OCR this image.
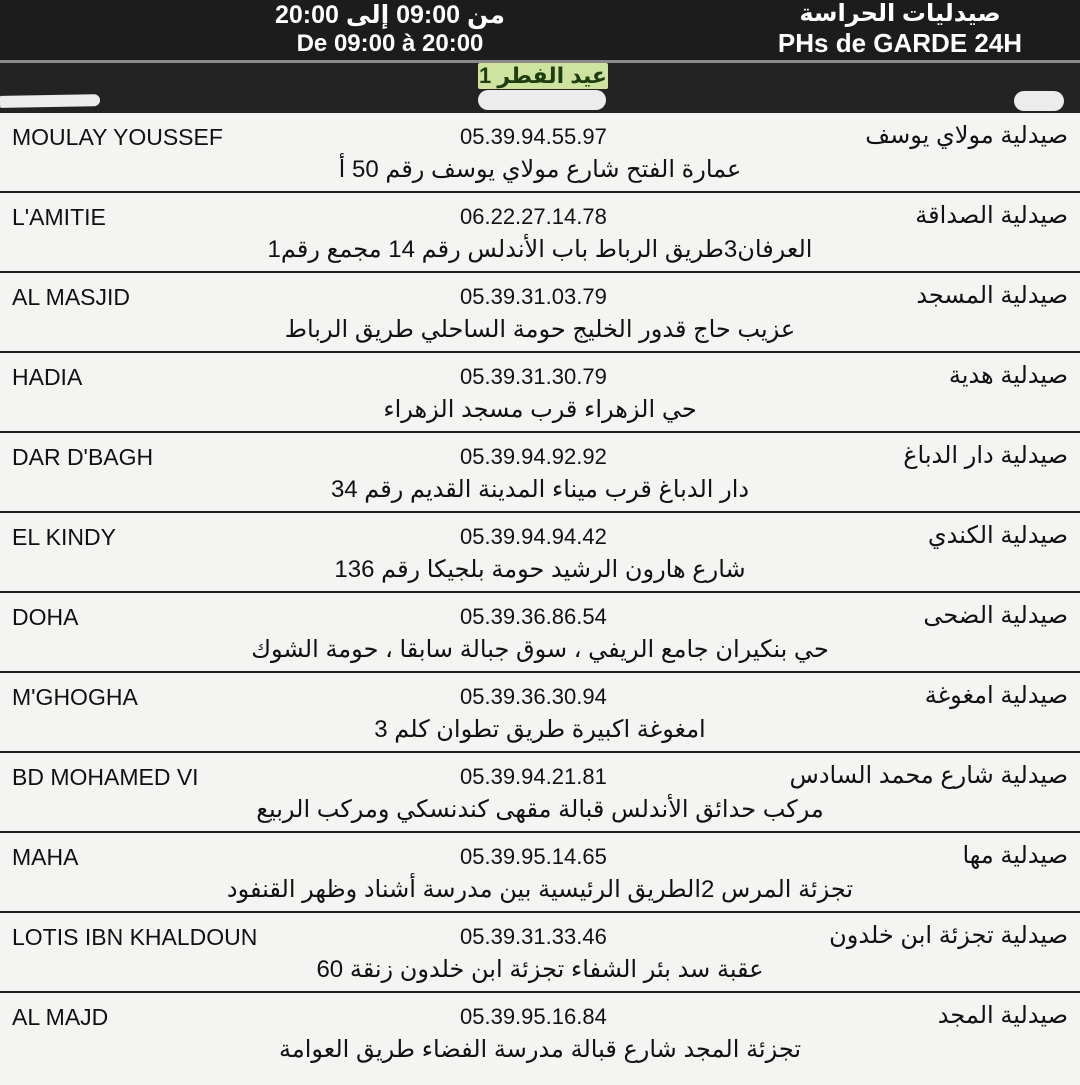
من 09:00 إلى 20:00
De 09:00 à 20:00
صيدليات الحراسة
PHs de GARDE 24H
عيد الفطر 1
MOULAY YOUSSEF	05.39.94.55.97	صيدلية مولاي يوسف
عمارة الفتح شارع مولاي يوسف رقم 50 أ
L'AMITIE	06.22.27.14.78	صيدلية الصداقة
العرفان3طريق الرباط باب الأندلس رقم 14 مجمع رقم1
AL MASJID	05.39.31.03.79	صيدلية المسجد
عزيب حاج قدور الخليج حومة الساحلي طريق الرباط
HADIA	05.39.31.30.79	صيدلية هدية
حي الزهراء قرب مسجد الزهراء
DAR D'BAGH	05.39.94.92.92	صيدلية دار الدباغ
دار الدباغ قرب ميناء المدينة القديم رقم 34
EL KINDY	05.39.94.94.42	صيدلية الكندي
شارع هارون الرشيد حومة بلجيكا رقم 136
DOHA	05.39.36.86.54	صيدلية الضحى
حي بنكيران جامع الريفي ، سوق جبالة سابقا ، حومة الشوك
M'GHOGHA	05.39.36.30.94	صيدلية امغوغة
امغوغة اكبيرة طريق تطوان كلم 3
BD MOHAMED VI	05.39.94.21.81	صيدلية شارع محمد السادس
مركب حدائق الأندلس قبالة مقهى كندنسكي ومركب الربيع
MAHA	05.39.95.14.65	صيدلية مها
تجزئة المرس 2الطريق الرئيسية بين مدرسة أشناد وظهر القنفود
LOTIS IBN KHALDOUN	05.39.31.33.46	صيدلية تجزئة ابن خلدون
عقبة سد بئر الشفاء تجزئة ابن خلدون زنقة 60
AL MAJD	05.39.95.16.84	صيدلية المجد
تجزئة المجد شارع قبالة مدرسة الفضاء طريق العوامة
